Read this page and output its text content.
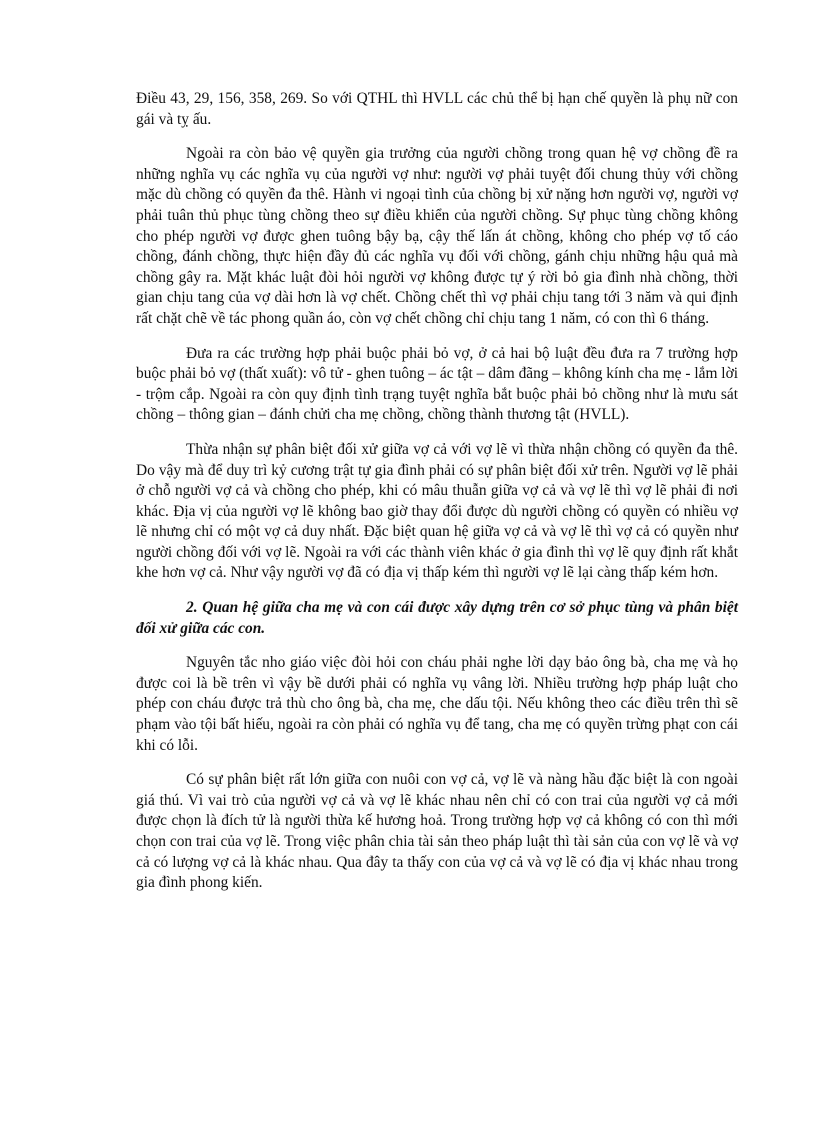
Điều 43, 29, 156, 358, 269. So với QTHL thì HVLL các chủ thể bị hạn chế quyền là phụ nữ con gái và tỵ ấu.

Ngoài ra còn bảo vệ quyền gia trưởng của người chồng trong quan hệ vợ chồng đề ra những nghĩa vụ các nghĩa vụ của người vợ như: người vợ phải tuyệt đối chung thủy với chồng mặc dù chồng có quyền đa thê. Hành vi ngoại tình của chồng bị xử nặng hơn người vợ, người vợ phải tuân thủ phục tùng chồng theo sự điều khiển của người chồng. Sự phục tùng chồng không cho phép người vợ được ghen tuông bậy bạ, cậy thế lấn át chồng, không cho phép vợ tố cáo chồng, đánh chồng, thực hiện đầy đủ các nghĩa vụ đối với chồng, gánh chịu những hậu quả mà chồng gây ra. Mặt khác luật đòi hỏi người vợ không được tự ý rời bỏ gia đình nhà chồng, thời gian chịu tang của vợ dài hơn là vợ chết. Chồng chết thì vợ phải chịu tang tới 3 năm và qui định rất chặt chẽ về tác phong quần áo, còn vợ chết chồng chỉ chịu tang 1 năm, có con thì 6 tháng.

Đưa ra các trường hợp phải buộc phải bỏ vợ, ở cả hai bộ luật đều đưa ra 7 trường hợp buộc phải bỏ vợ (thất xuất): vô tử - ghen tuông – ác tật – dâm đãng – không kính cha mẹ - lắm lời - trộm cắp. Ngoài ra còn quy định tình trạng tuyệt nghĩa bắt buộc phải bỏ chồng như là mưu sát chồng – thông gian – đánh chửi cha mẹ chồng, chồng thành thương tật (HVLL).

Thừa nhận sự phân biệt đối xử giữa vợ cả với vợ lẽ vì thừa nhận chồng có quyền đa thê. Do vậy mà để duy trì kỷ cương trật tự gia đình phải có sự phân biệt đối xử trên. Người vợ lẽ phải ở chỗ người vợ cả và chồng cho phép, khi có mâu thuẫn giữa vợ cả và vợ lẽ thì vợ lẽ phải đi nơi khác. Địa vị của người vợ lẽ không bao giờ thay đổi được dù người chồng có quyền có nhiều vợ lẽ nhưng chỉ có một vợ cả duy nhất. Đặc biệt quan hệ giữa vợ cả và vợ lẽ thì vợ cả có quyền như người chồng đối với vợ lẽ. Ngoài ra với các thành viên khác ở gia đình thì vợ lẽ quy định rất khắt khe hơn vợ cả. Như vậy người vợ đã có địa vị thấp kém thì người vợ lẽ lại càng thấp kém hơn.

2. Quan hệ giữa cha mẹ và con cái được xây dựng trên cơ sở phục tùng và phân biệt đối xử giữa các con.

Nguyên tắc nho giáo việc đòi hỏi con cháu phải nghe lời dạy bảo ông bà, cha mẹ và họ được coi là bề trên vì vậy bề dưới phải có nghĩa vụ vâng lời. Nhiều trường hợp pháp luật cho phép con cháu được trả thù cho ông bà, cha mẹ, che dấu tội. Nếu không theo các điều trên thì sẽ phạm vào tội bất hiếu, ngoài ra còn phải có nghĩa vụ để tang, cha mẹ có quyền trừng phạt con cái khi có lỗi.

Có sự phân biệt rất lớn giữa con nuôi con vợ cả, vợ lẽ và nàng hầu đặc biệt là con ngoài giá thú. Vì vai trò của người vợ cả và vợ lẽ khác nhau nên chỉ có con trai của người vợ cả mới được chọn là đích tử là người thừa kế hương hoả. Trong trường hợp vợ cả không có con thì mới chọn con trai của vợ lẽ. Trong việc phân chia tài sản theo pháp luật thì tài sản của con vợ lẽ và vợ cả có lượng vợ cả là khác nhau. Qua đây ta thấy con của vợ cả và vợ lẽ có địa vị khác nhau trong gia đình phong kiến.
